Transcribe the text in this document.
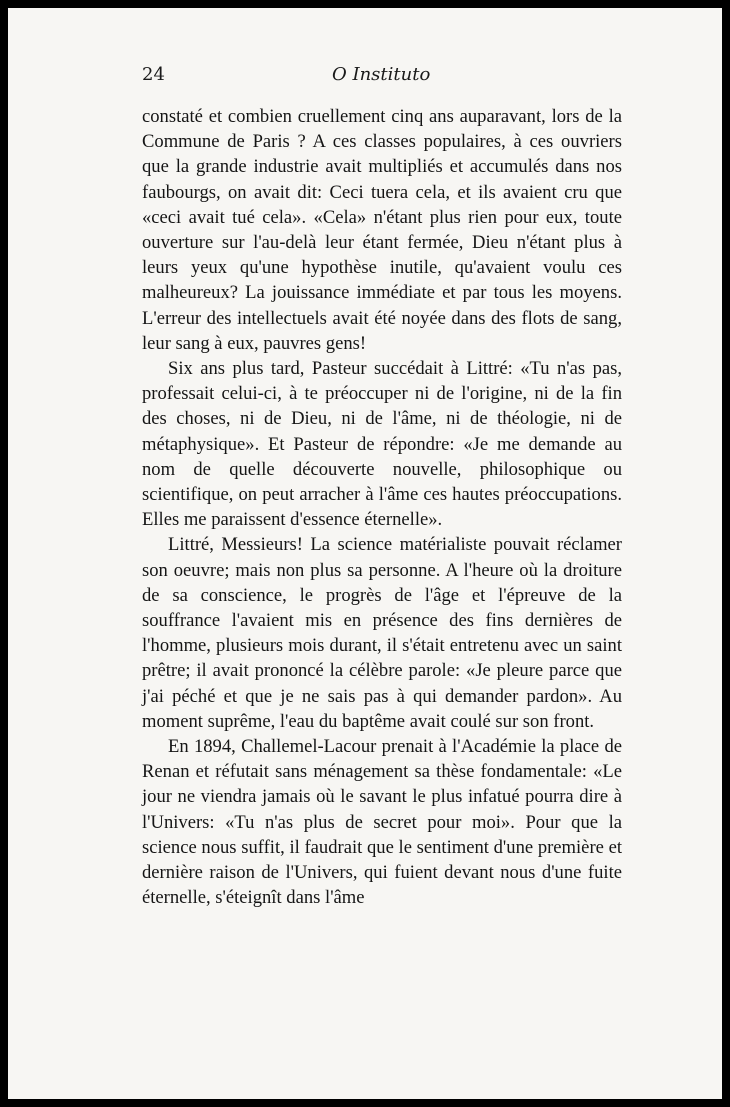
24	O Instituto

constaté et combien cruellement cinq ans auparavant, lors de la Commune de Paris ? A ces classes populaires, à ces ouvriers que la grande industrie avait multipliés et accumulés dans nos faubourgs, on avait dit: Ceci tuera cela, et ils avaient cru que «ceci avait tué cela». «Cela» n'étant plus rien pour eux, toute ouverture sur l'au-delà leur étant fermée, Dieu n'étant plus à leurs yeux qu'une hypothèse inutile, qu'avaient voulu ces malheureux? La jouissance immédiate et par tous les moyens. L'erreur des intellectuels avait été noyée dans des flots de sang, leur sang à eux, pauvres gens!

Six ans plus tard, Pasteur succédait à Littré: «Tu n'as pas, professait celui-ci, à te préoccuper ni de l'origine, ni de la fin des choses, ni de Dieu, ni de l'âme, ni de théologie, ni de métaphysique». Et Pasteur de répondre: «Je me demande au nom de quelle découverte nouvelle, philosophique ou scientifique, on peut arracher à l'âme ces hautes préoccupations. Elles me paraissent d'essence éternelle».

Littré, Messieurs! La science matérialiste pouvait réclamer son oeuvre; mais non plus sa personne. A l'heure où la droiture de sa conscience, le progrès de l'âge et l'épreuve de la souffrance l'avaient mis en présence des fins dernières de l'homme, plusieurs mois durant, il s'était entretenu avec un saint prêtre; il avait prononcé la célèbre parole: «Je pleure parce que j'ai péché et que je ne sais pas à qui demander pardon». Au moment suprême, l'eau du baptême avait coulé sur son front.

En 1894, Challemel-Lacour prenait à l'Académie la place de Renan et réfutait sans ménagement sa thèse fondamentale: «Le jour ne viendra jamais où le savant le plus infatué pourra dire à l'Univers: «Tu n'as plus de secret pour moi». Pour que la science nous suffit, il faudrait que le sentiment d'une première et dernière raison de l'Univers, qui fuient devant nous d'une fuite éternelle, s'éteignît dans l'âme
